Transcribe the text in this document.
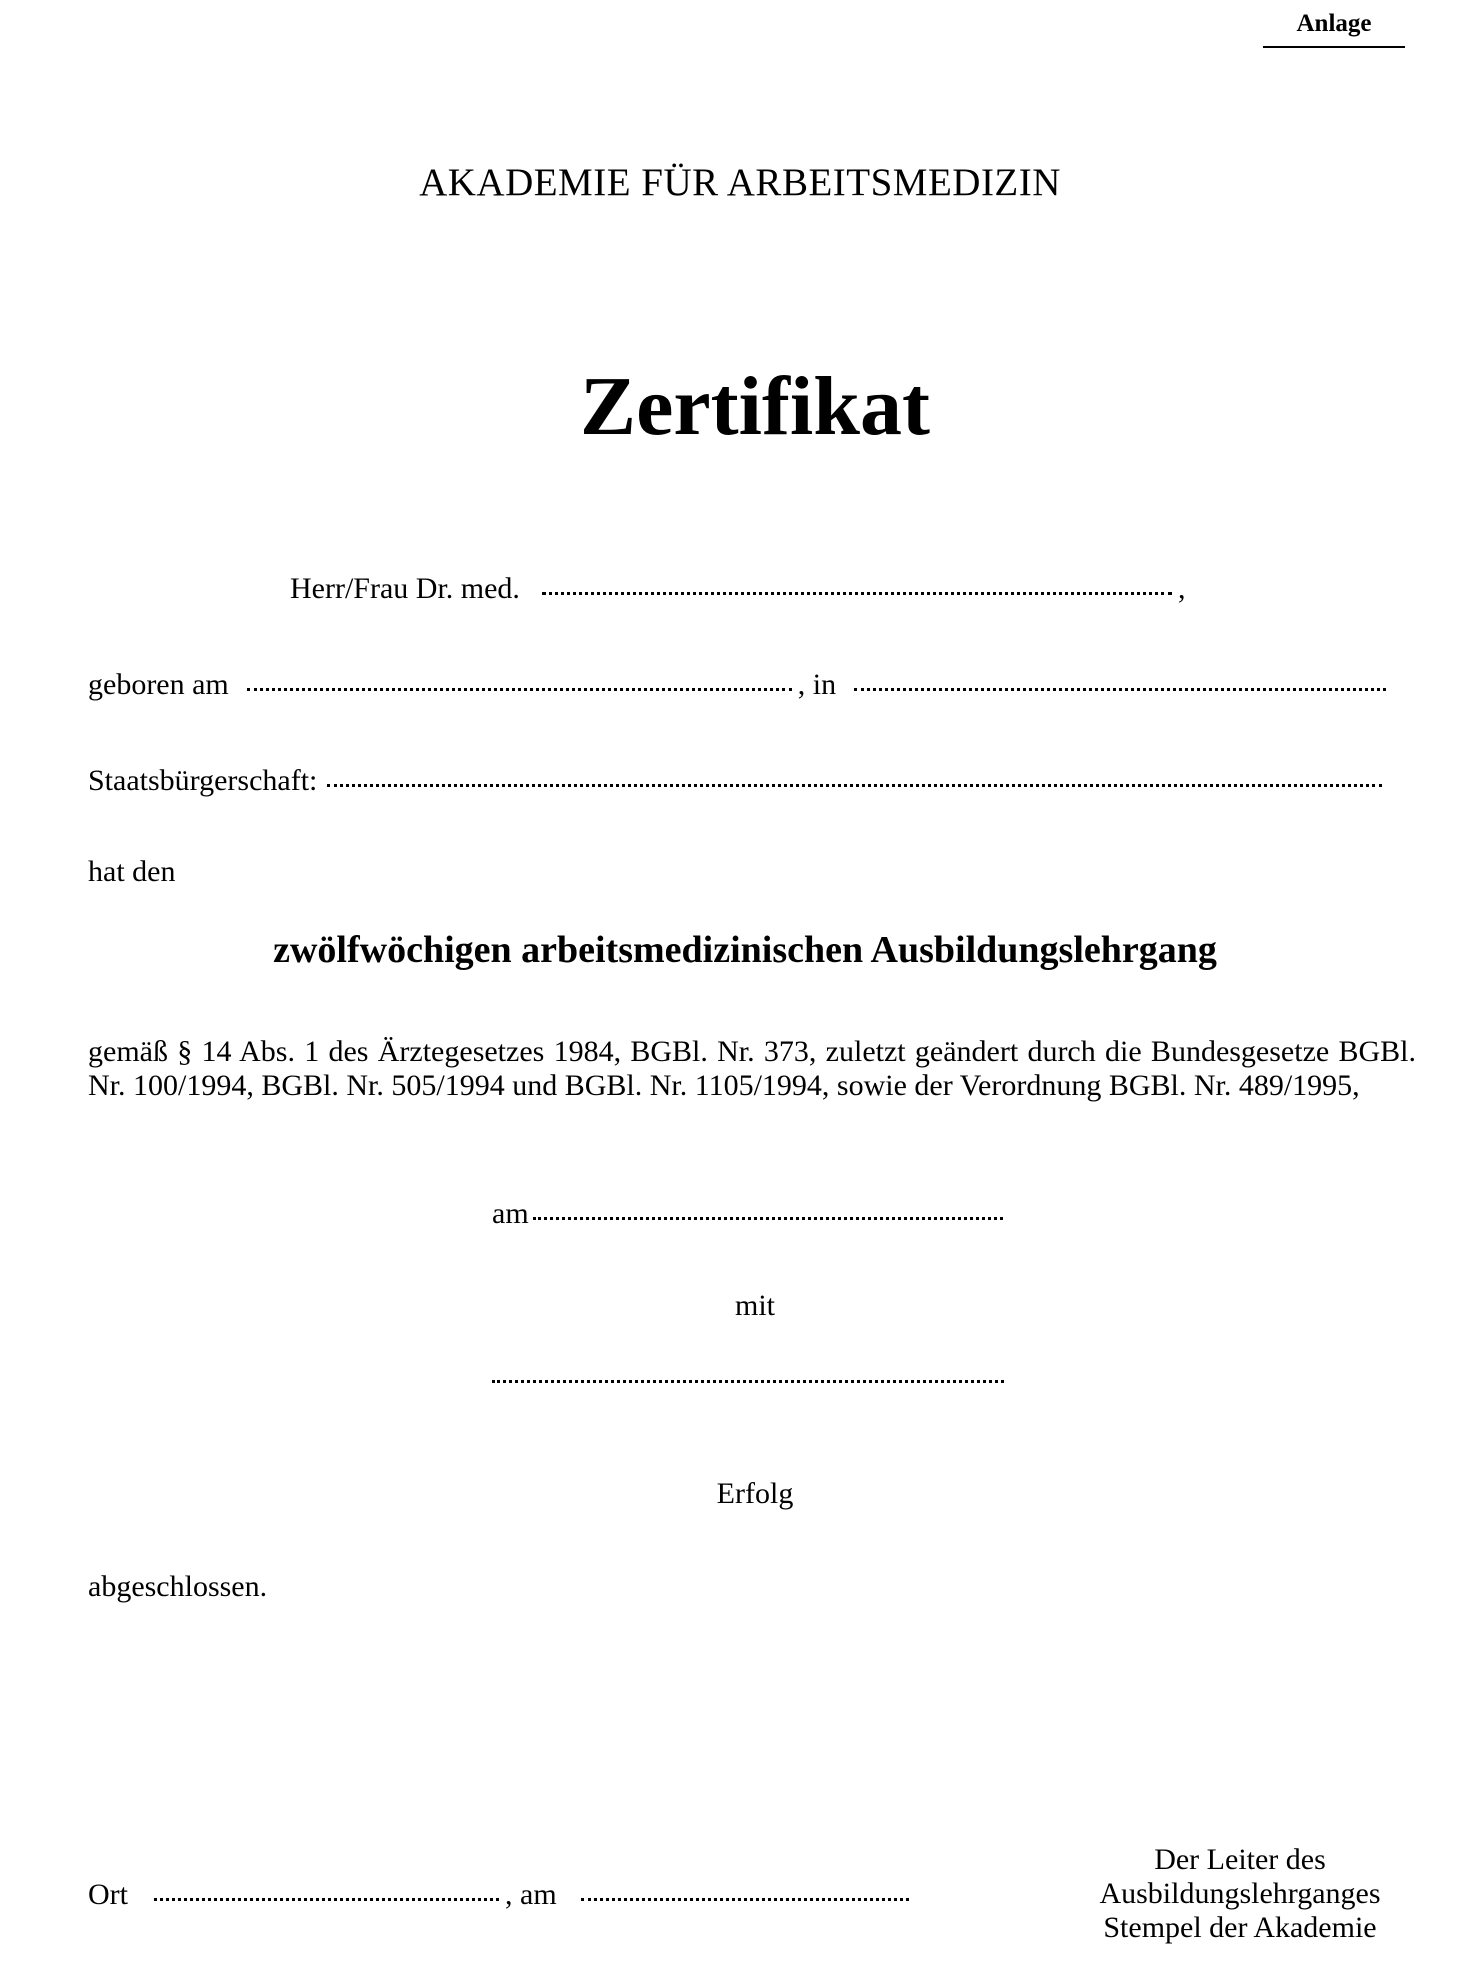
Anlage
AKADEMIE FÜR ARBEITSMEDIZIN
Zertifikat
Herr/Frau Dr. med.	,
geboren am	, in
Staatsbürgerschaft:
hat den
zwölfwöchigen arbeitsmedizinischen Ausbildungslehrgang
gemäß § 14 Abs. 1 des Ärztegesetzes 1984, BGBl. Nr. 373, zuletzt geändert durch die Bundesgesetze BGBl. Nr. 100/1994, BGBl. Nr. 505/1994 und BGBl. Nr. 1105/1994, sowie der Verordnung BGBl. Nr. 489/1995,
am
mit
Erfolg
abgeschlossen.
Ort	, am
Der Leiter des
Ausbildungslehrganges
Stempel der Akademie
